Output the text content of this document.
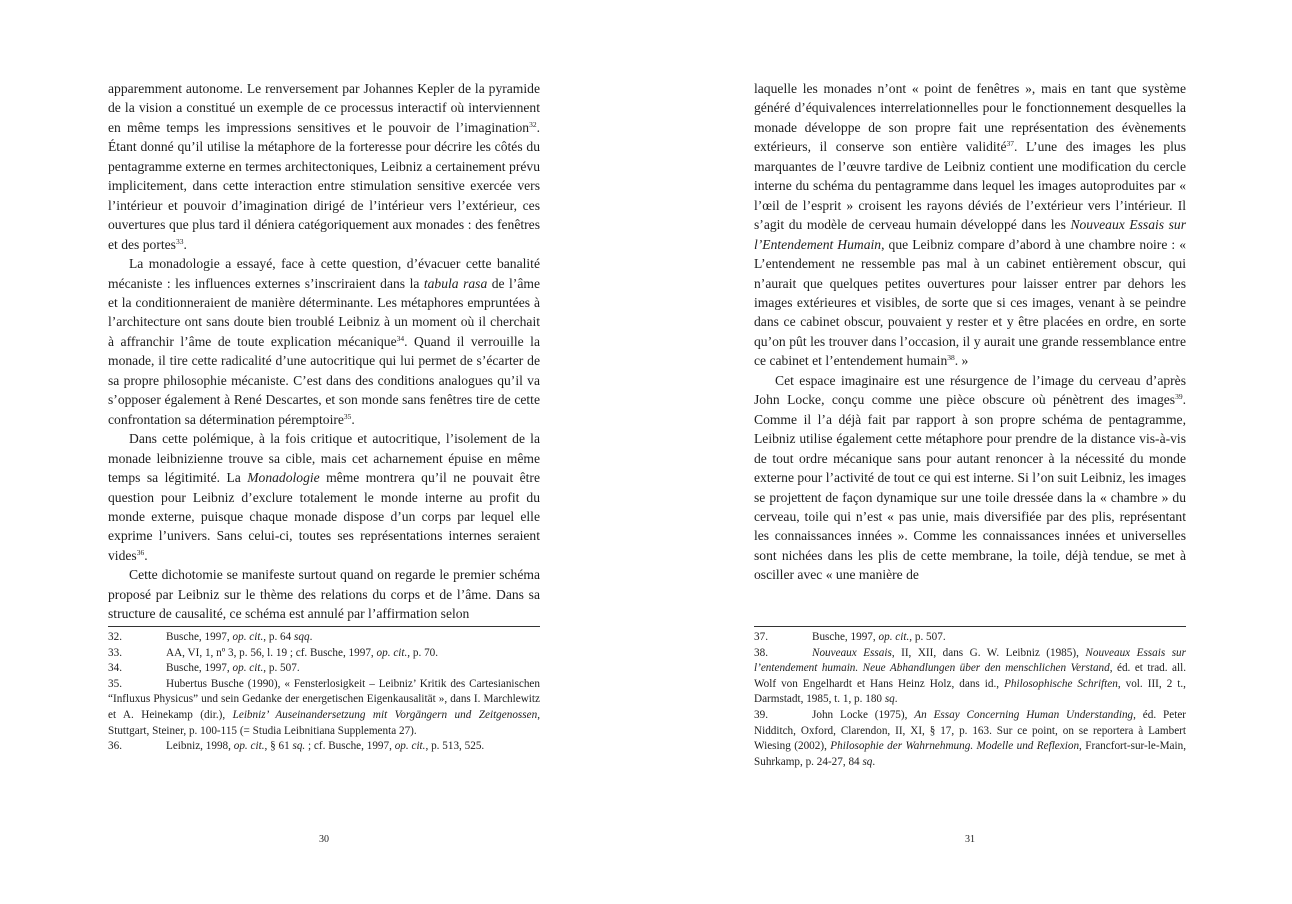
apparemment autonome. Le renversement par Johannes Kepler de la pyramide de la vision a constitué un exemple de ce processus interactif où interviennent en même temps les impressions sensitives et le pouvoir de l’imagination$^{32}$. Étant donné qu’il utilise la métaphore de la forteresse pour décrire les côtés du pentagramme externe en termes architectoniques, Leibniz a certainement prévu implicitement, dans cette interaction entre stimulation sensitive exercée vers l’intérieur et pouvoir d’imagination dirigé de l’intérieur vers l’extérieur, ces ouvertures que plus tard il déniera catégoriquement aux monades : des fenêtres et des portes$^{33}$.

La monadologie a essayé, face à cette question, d’évacuer cette banalité mécaniste : les influences externes s’inscriraient dans la tabula rasa de l’âme et la conditionneraient de manière déterminante. Les métaphores empruntées à l’architecture ont sans doute bien troublé Leibniz à un moment où il cherchait à affranchir l’âme de toute explication mécanique$^{34}$. Quand il verrouille la monade, il tire cette radicalité d’une autocritique qui lui permet de s’écarter de sa propre philosophie mécaniste. C’est dans des conditions analogues qu’il va s’opposer également à René Descartes, et son monde sans fenêtres tire de cette confrontation sa détermination péremptoire$^{35}$.

Dans cette polémique, à la fois critique et autocritique, l’isolement de la monade leibnizienne trouve sa cible, mais cet acharnement épuise en même temps sa légitimité. La Monadologie même montrera qu’il ne pouvait être question pour Leibniz d’exclure totalement le monde interne au profit du monde externe, puisque chaque monade dispose d’un corps par lequel elle exprime l’univers. Sans celui-ci, toutes ses représentations internes seraient vides$^{36}$.

Cette dichotomie se manifeste surtout quand on regarde le premier schéma proposé par Leibniz sur le thème des relations du corps et de l’âme. Dans sa structure de causalité, ce schéma est annulé par l’affirmation selon

32.	Busche, 1997, op. cit., p. 64 sqq.
33.	AA, VI, 1, nº 3, p. 56, l. 19 ; cf. Busche, 1997, op. cit., p. 70.
34.	Busche, 1997, op. cit., p. 507.
35.	Hubertus Busche (1990), « Fensterlosigkeit – Leibniz’ Kritik des Cartesianischen “Influxus Physicus” und sein Gedanke der energetischen Eigenkausalität », dans I. Marchlewitz et A. Heinekamp (dir.), Leibniz’ Auseinandersetzung mit Vorgängern und Zeitgenossen, Stuttgart, Steiner, p. 100-115 (= Studia Leibnitiana Supplementa 27).
36.	Leibniz, 1998, op. cit., § 61 sq. ; cf. Busche, 1997, op. cit., p. 513, 525.
30

laquelle les monades n’ont « point de fenêtres », mais en tant que système généré d’équivalences interrelationnelles pour le fonctionnement desquelles la monade développe de son propre fait une représentation des évènements extérieurs, il conserve son entière validité$^{37}$. L’une des images les plus marquantes de l’œuvre tardive de Leibniz contient une modification du cercle interne du schéma du pentagramme dans lequel les images autoproduites par « l’œil de l’esprit » croisent les rayons déviés de l’extérieur vers l’intérieur. Il s’agit du modèle de cerveau humain développé dans les Nouveaux Essais sur l’Entendement Humain, que Leibniz compare d’abord à une chambre noire : « L’entendement ne ressemble pas mal à un cabinet entièrement obscur, qui n’aurait que quelques petites ouvertures pour laisser entrer par dehors les images extérieures et visibles, de sorte que si ces images, venant à se peindre dans ce cabinet obscur, pouvaient y rester et y être placées en ordre, en sorte qu’on pût les trouver dans l’occasion, il y aurait une grande ressemblance entre ce cabinet et l’entendement humain$^{38}$. »

Cet espace imaginaire est une résurgence de l’image du cerveau d’après John Locke, conçu comme une pièce obscure où pénètrent des images$^{39}$. Comme il l’a déjà fait par rapport à son propre schéma de pentagramme, Leibniz utilise également cette métaphore pour prendre de la distance vis-à-vis de tout ordre mécanique sans pour autant renoncer à la nécessité du monde externe pour l’activité de tout ce qui est interne. Si l’on suit Leibniz, les images se projettent de façon dynamique sur une toile dressée dans la « chambre » du cerveau, toile qui n’est « pas unie, mais diversifiée par des plis, représentant les connaissances innées ». Comme les connaissances innées et universelles sont nichées dans les plis de cette membrane, la toile, déjà tendue, se met à osciller avec « une manière de

37.	Busche, 1997, op. cit., p. 507.
38.	Nouveaux Essais, II, XII, dans G. W. Leibniz (1985), Nouveaux Essais sur l’entendement humain. Neue Abhandlungen über den menschlichen Verstand, éd. et trad. all. Wolf von Engelhardt et Hans Heinz Holz, dans id., Philosophische Schriften, vol. III, 2 t., Darmstadt, 1985, t. 1, p. 180 sq.
39.	John Locke (1975), An Essay Concerning Human Understanding, éd. Peter Nidditch, Oxford, Clarendon, II, XI, § 17, p. 163. Sur ce point, on se reportera à Lambert Wiesing (2002), Philosophie der Wahrnehmung. Modelle und Reflexion, Francfort-sur-le-Main, Suhrkamp, p. 24-27, 84 sq.
31
